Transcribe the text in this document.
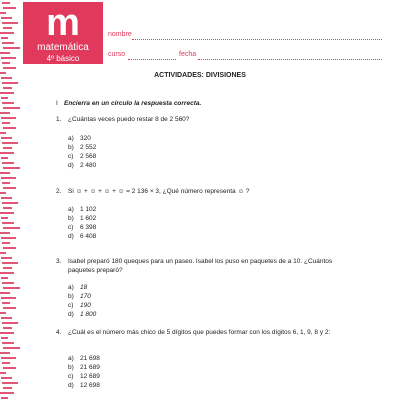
m
matemática
4º básico
nombre
curso	fecha
ACTIVIDADES: DIVISIONES
I Encierra en un círculo la respuesta correcta.
1. ¿Cuántas veces puedo restar 8 de 2 560?
a) 320
b) 2 552
c) 2 568
d) 2 480
2. Si ☺ + ☺ + ☺ + ☺ = 2 136 × 3, ¿Qué número representa ☺ ?
a) 1 102
b) 1 602
c) 6 398
d) 6 408
3. Isabel preparó 180 queques para un paseo. Isabel los puso en paquetes de a 10. ¿Cuántos
paquetes preparó?
a) 18
b) 170
c) 190
d) 1 800
4. ¿Cuál es el número más chico de 5 dígitos que puedes formar con los dígitos 6, 1, 9, 8 y 2:
a) 21 698
b) 21 689
c) 12 689
d) 12 698
